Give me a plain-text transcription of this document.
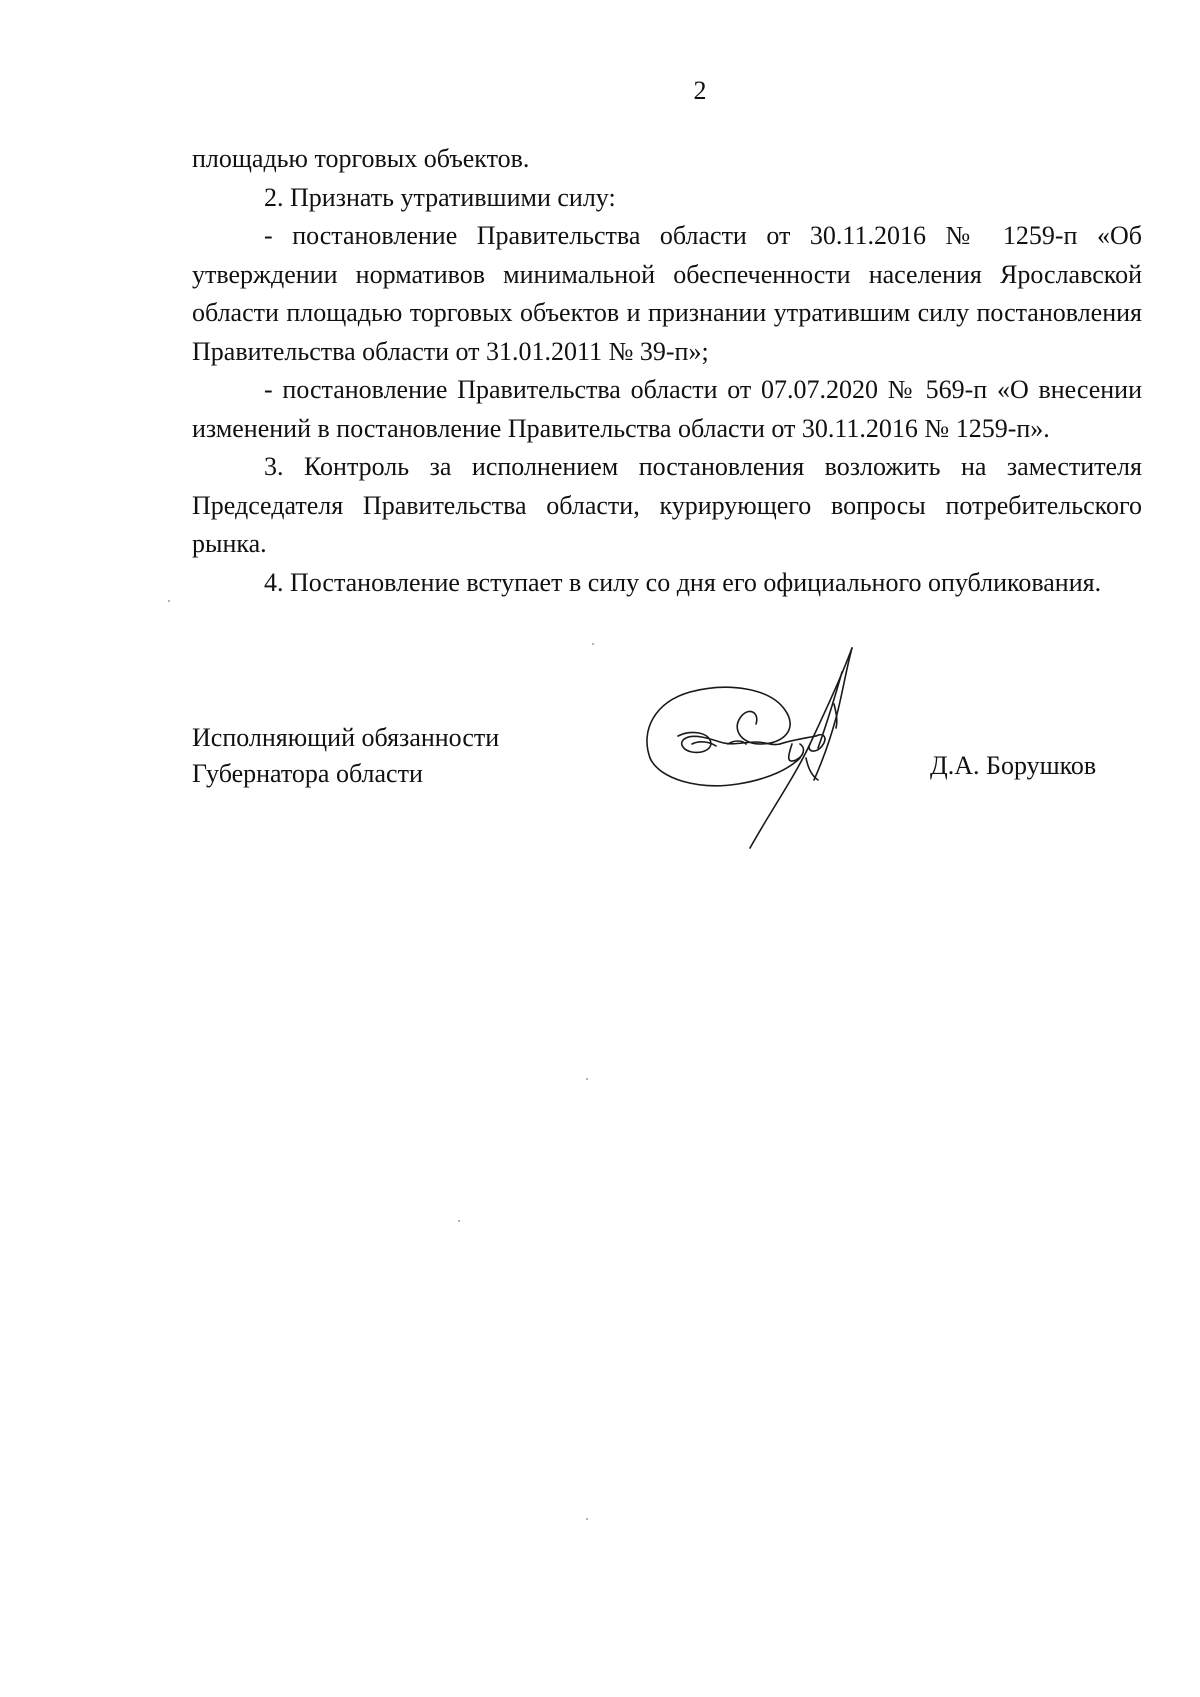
2

площадью торговых объектов.

2. Признать утратившими силу:

- постановление Правительства области от 30.11.2016 № 1259-п «Об утверждении нормативов минимальной обеспеченности населения Ярославской области площадью торговых объектов и признании утратившим силу постановления Правительства области от 31.01.2011 № 39-п»;

- постановление Правительства области от 07.07.2020 № 569-п «О внесении изменений в постановление Правительства области от 30.11.2016 № 1259-п».

3. Контроль за исполнением постановления возложить на заместителя Председателя Правительства области, курирующего вопросы потребительского рынка.

4. Постановление вступает в силу со дня его официального опубликования.

Исполняющий обязанности
Губернатора области	Д.А. Борушков
